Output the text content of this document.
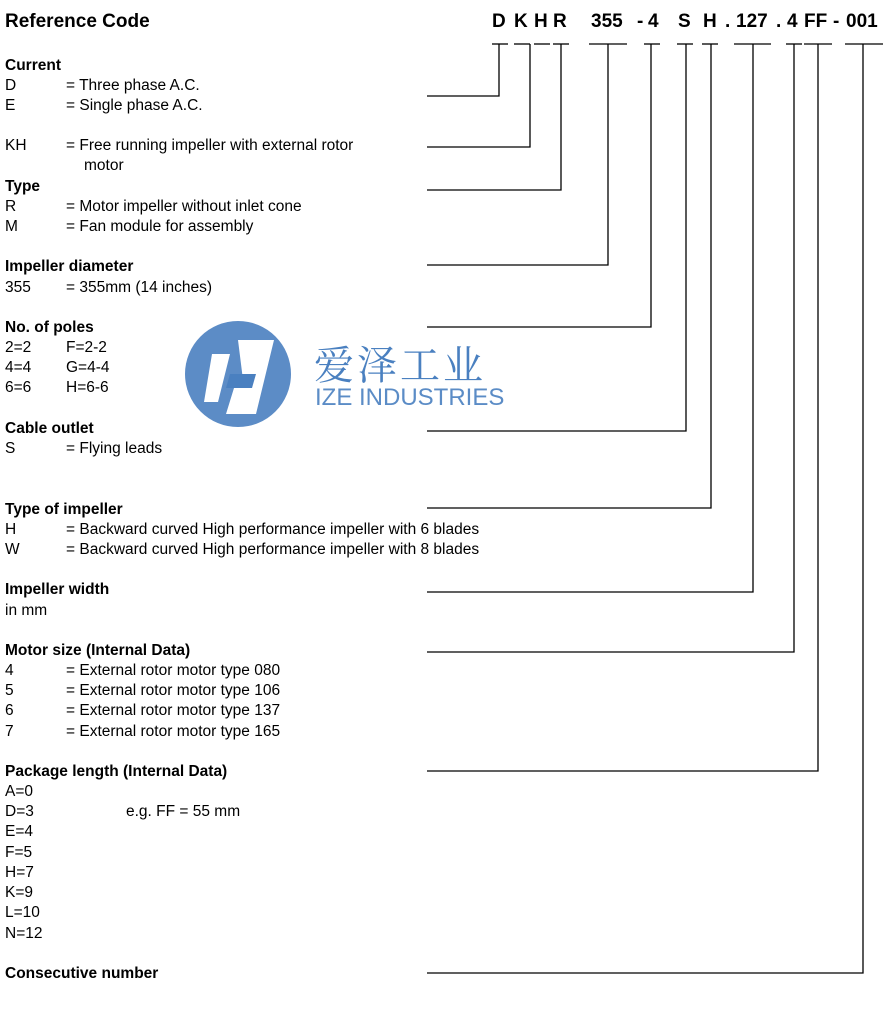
Reference Code	D K H R 355 - 4 S H . 127 . 4 FF - 001
爱泽工业
IZE INDUSTRIES
Current
D	= Three phase A.C.
E	= Single phase A.C.
KH	= Free running impeller with external rotor
motor
Type
R	= Motor impeller without inlet cone
M	= Fan module for assembly
Impeller diameter
355 = 355mm (14 inches)
No. of poles
2=2 F=2-2
4=4 G=4-4
6=6 H=6-6
Cable outlet
S	= Flying leads
Type of impeller
H	= Backward curved High performance impeller with 6 blades
W	= Backward curved High performance impeller with 8 blades
Impeller width
in mm
Motor size (Internal Data)
4	= External rotor motor type 080
5	= External rotor motor type 106
6	= External rotor motor type 137
7	= External rotor motor type 165
Package length (Internal Data)
A=0
D=3	e.g. FF = 55 mm
E=4
F=5
H=7
K=9
L=10
N=12
Consecutive number
